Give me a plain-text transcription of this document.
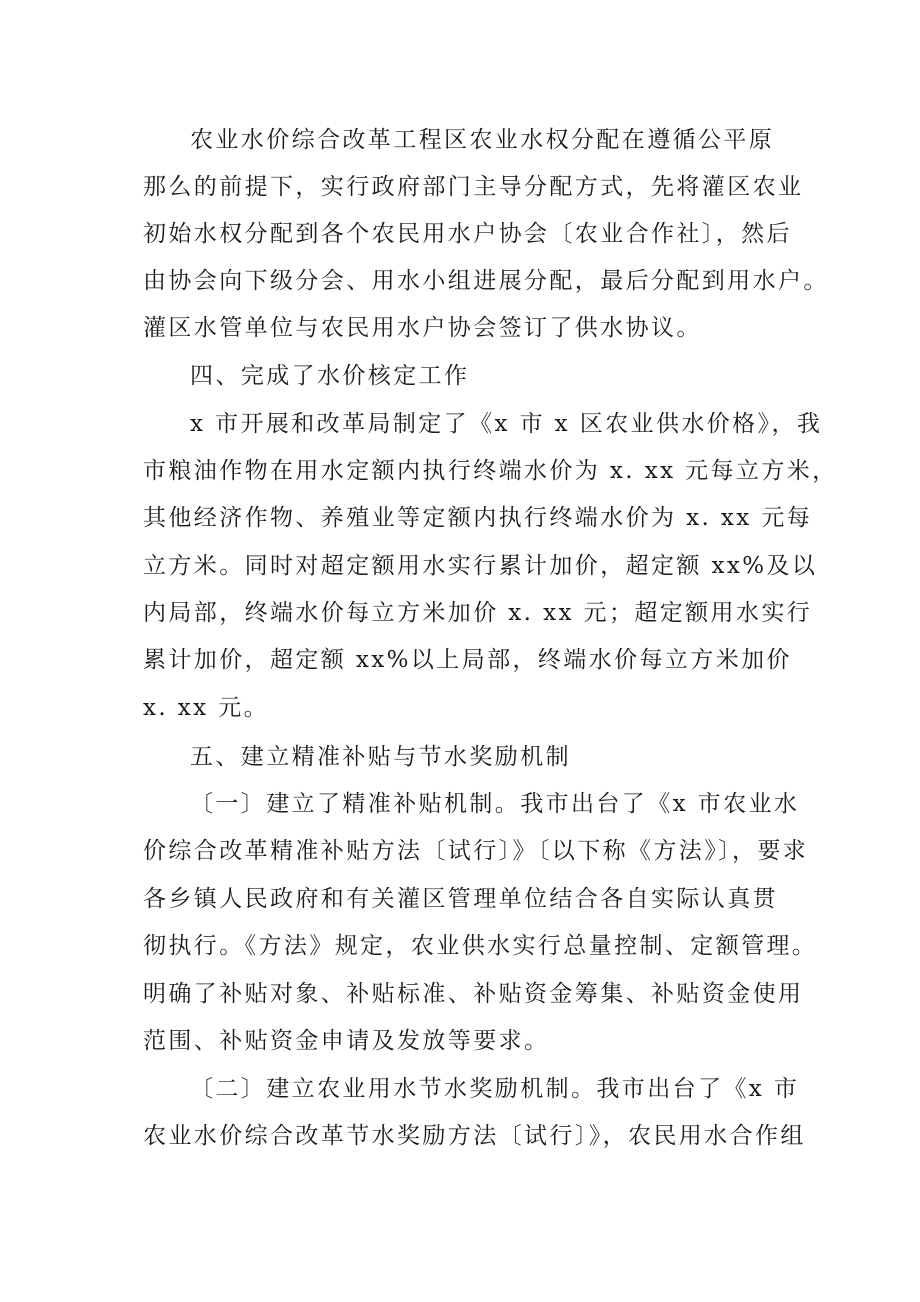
农业水价综合改革工程区农业水权分配在遵循公平原
那么的前提下，实行政府部门主导分配方式，先将灌区农业
初始水权分配到各个农民用水户协会〔农业合作社〕，然后
由协会向下级分会、用水小组进展分配，最后分配到用水户。
灌区水管单位与农民用水户协会签订了供水协议。
四、完成了水价核定工作
x 市开展和改革局制定了《x 市 x 区农业供水价格》，我
市粮油作物在用水定额内执行终端水价为 x. xx 元每立方米，
其他经济作物、养殖业等定额内执行终端水价为 x. xx 元每
立方米。同时对超定额用水实行累计加价，超定额 xx%及以
内局部，终端水价每立方米加价 x. xx 元；超定额用水实行
累计加价，超定额 xx%以上局部，终端水价每立方米加价
x. xx 元。
五、建立精准补贴与节水奖励机制
〔一〕建立了精准补贴机制。我市出台了《x 市农业水
价综合改革精准补贴方法〔试行〕》〔以下称《方法》〕，要求
各乡镇人民政府和有关灌区管理单位结合各自实际认真贯
彻执行。《方法》规定，农业供水实行总量控制、定额管理。
明确了补贴对象、补贴标准、补贴资金筹集、补贴资金使用
范围、补贴资金申请及发放等要求。
〔二〕建立农业用水节水奖励机制。我市出台了《x 市
农业水价综合改革节水奖励方法〔试行〕》，农民用水合作组
